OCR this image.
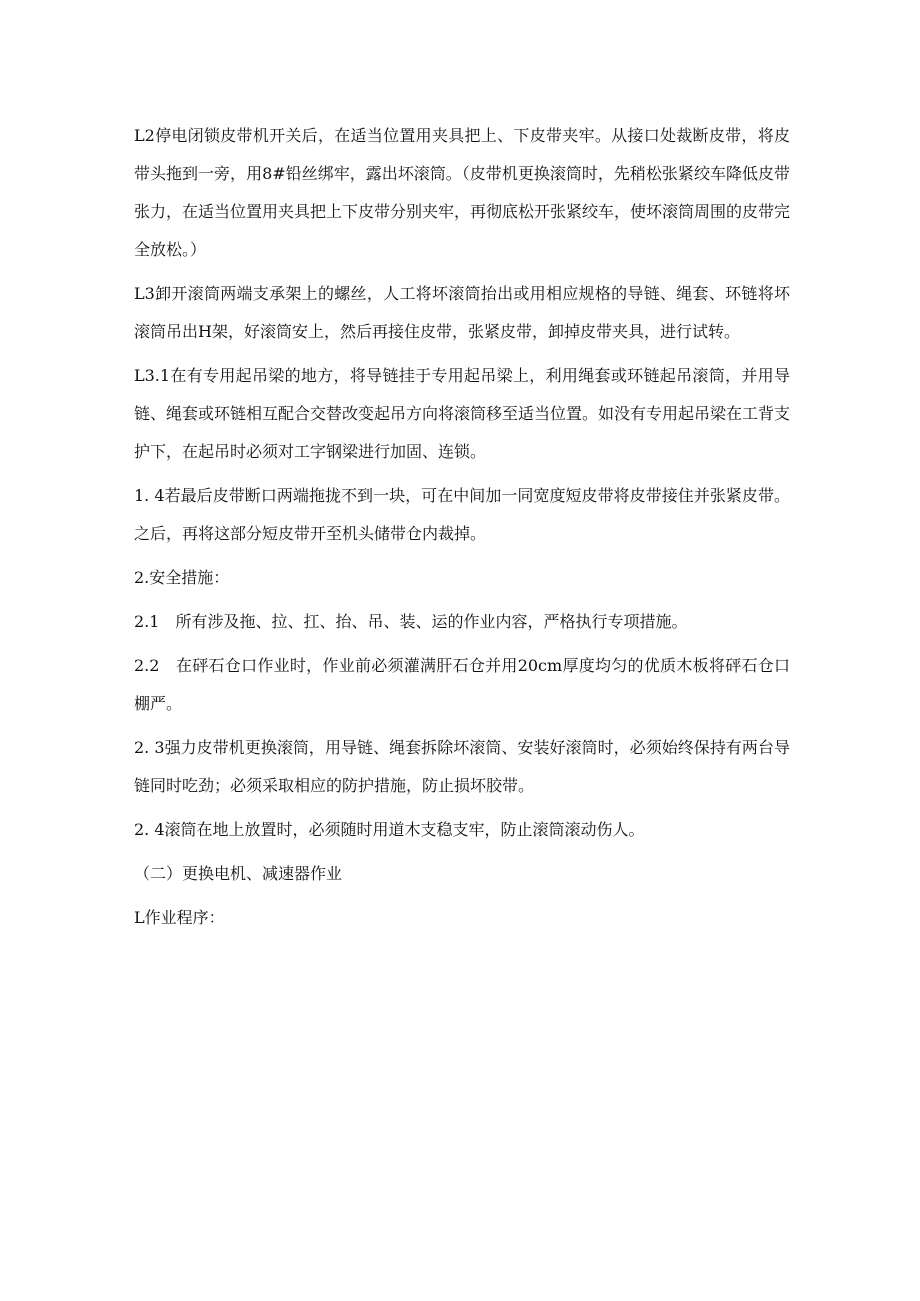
L2停电闭锁皮带机开关后，在适当位置用夹具把上、下皮带夹牢。从接口处裁断皮带，将皮带头拖到一旁，用8#铅丝绑牢，露出坏滚筒。（皮带机更换滚筒时，先稍松张紧绞车降低皮带张力，在适当位置用夹具把上下皮带分别夹牢，再彻底松开张紧绞车，使坏滚筒周围的皮带完全放松。）

L3卸开滚筒两端支承架上的螺丝，人工将坏滚筒抬出或用相应规格的导链、绳套、环链将坏滚筒吊出H架，好滚筒安上，然后再接住皮带，张紧皮带，卸掉皮带夹具，进行试转。

L3.1在有专用起吊梁的地方，将导链挂于专用起吊梁上，利用绳套或环链起吊滚筒，并用导链、绳套或环链相互配合交替改变起吊方向将滚筒移至适当位置。如没有专用起吊梁在工背支护下，在起吊时必须对工字钢梁进行加固、连锁。

1. 4若最后皮带断口两端拖拢不到一块，可在中间加一同宽度短皮带将皮带接住并张紧皮带。之后，再将这部分短皮带开至机头储带仓内裁掉。

2.安全措施：

2.1　所有涉及拖、拉、扛、抬、吊、装、运的作业内容，严格执行专项措施。

2.2　在砰石仓口作业时，作业前必须灌满肝石仓并用20cm厚度均匀的优质木板将砰石仓口棚严。

2. 3强力皮带机更换滚筒，用导链、绳套拆除坏滚筒、安装好滚筒时，必须始终保持有两台导链同时吃劲；必须采取相应的防护措施，防止损坏胶带。

2. 4滚筒在地上放置时，必须随时用道木支稳支牢，防止滚筒滚动伤人。

（二）更换电机、减速器作业

L作业程序：
